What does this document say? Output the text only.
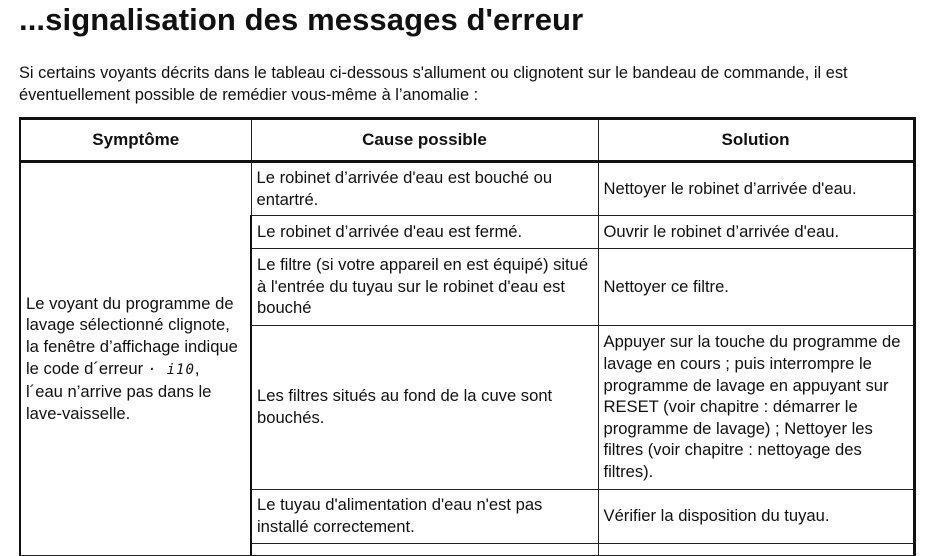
...signalisation des messages d'erreur
Si certains voyants décrits dans le tableau ci-dessous s'allument ou clignotent sur le bandeau de commande, il est éventuellement possible de remédier vous-même à l’anomalie :
Symptôme	Cause possible	Solution
Le voyant du programme de lavage sélectionné clignote, la fenêtre d’affichage indique le code d´erreur · i10,
l´eau n’arrive pas dans le lave-vaisselle.	Le robinet d’arrivée d'eau est bouché ou entartré.	Nettoyer le robinet d’arrivée d'eau.
	Le robinet d’arrivée d'eau est fermé.	Ouvrir le robinet d’arrivée d'eau.
	Le filtre (si votre appareil en est équipé) situé à l'entrée du tuyau sur le robinet d'eau est bouché	Nettoyer ce filtre.
	Les filtres situés au fond de la cuve sont bouchés.	Appuyer sur la touche du programme de lavage en cours ; puis interrompre le programme de lavage en appuyant sur RESET (voir chapitre : démarrer le programme de lavage) ; Nettoyer les filtres (voir chapitre : nettoyage des filtres).
	Le tuyau d'alimentation d'eau n'est pas installé correctement.	Vérifier la disposition du tuyau.
